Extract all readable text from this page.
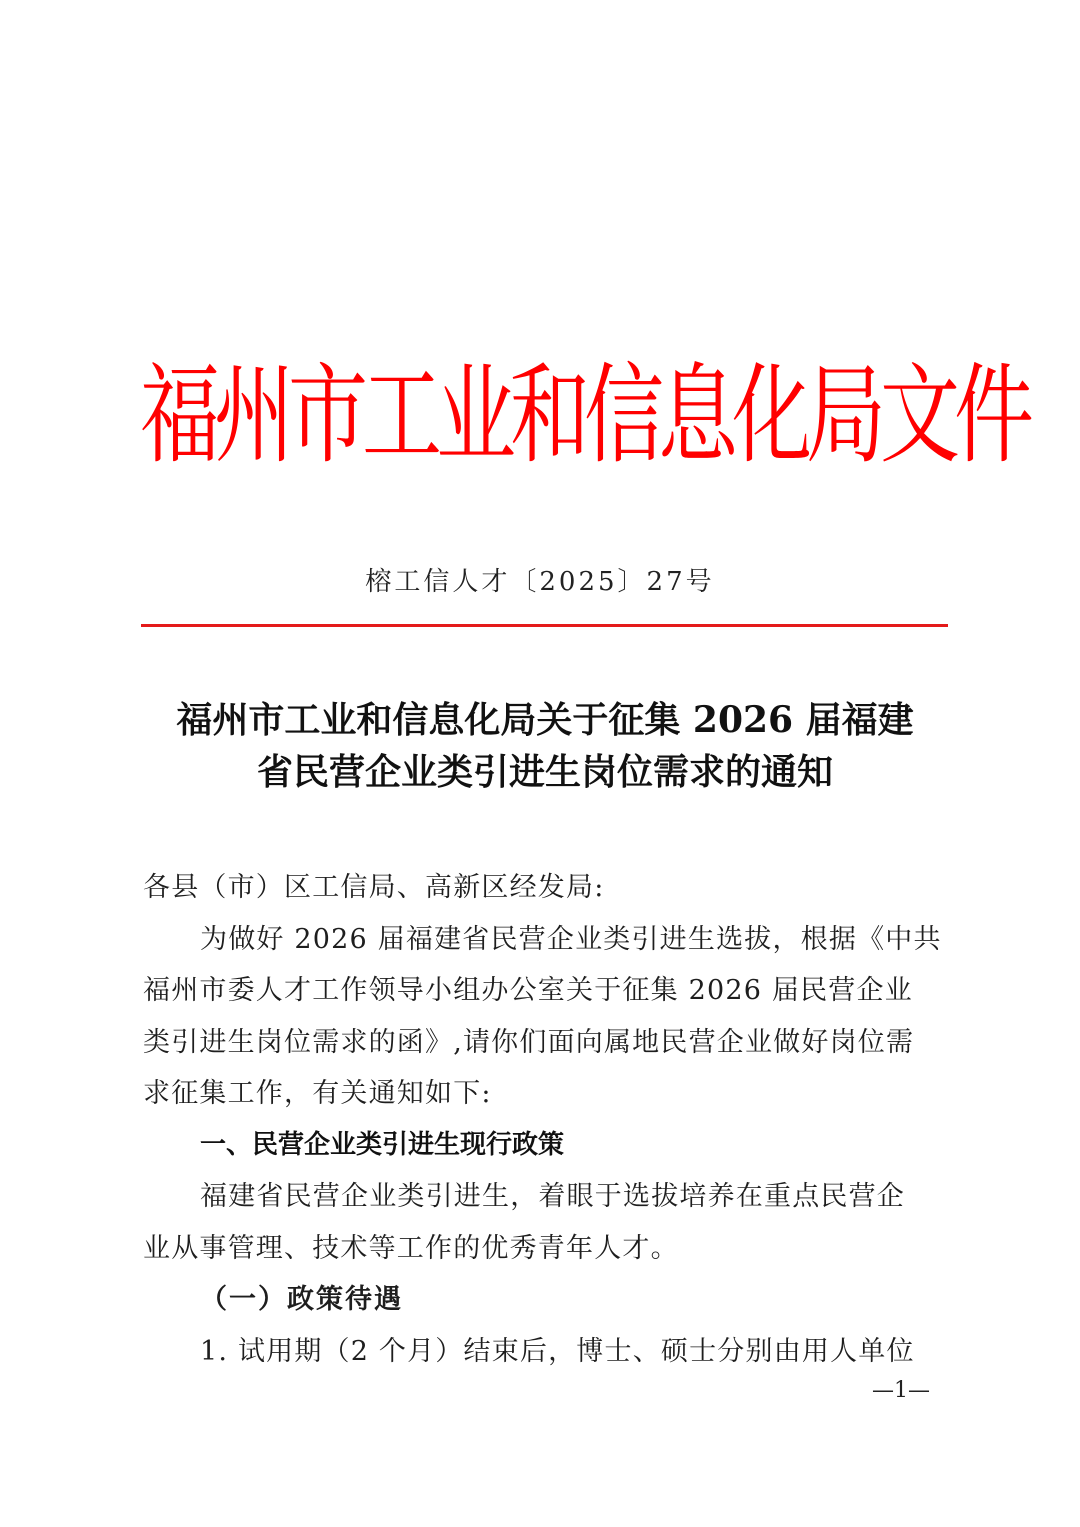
福州市工业和信息化局文件
榕工信人才〔2025〕27号
福州市工业和信息化局关于征集 2026 届福建
省民营企业类引进生岗位需求的通知

各县（市）区工信局、高新区经发局:

为做好 2026 届福建省民营企业类引进生选拔，根据《中共

福州市委人才工作领导小组办公室关于征集 2026 届民营企业

类引进生岗位需求的函》,请你们面向属地民营企业做好岗位需

求征集工作，有关通知如下:

一、民营企业类引进生现行政策

福建省民营企业类引进生，着眼于选拔培养在重点民营企

业从事管理、技术等工作的优秀青年人才。

（一）政策待遇

1. 试用期（2 个月）结束后，博士、硕士分别由用人单位

—1—
